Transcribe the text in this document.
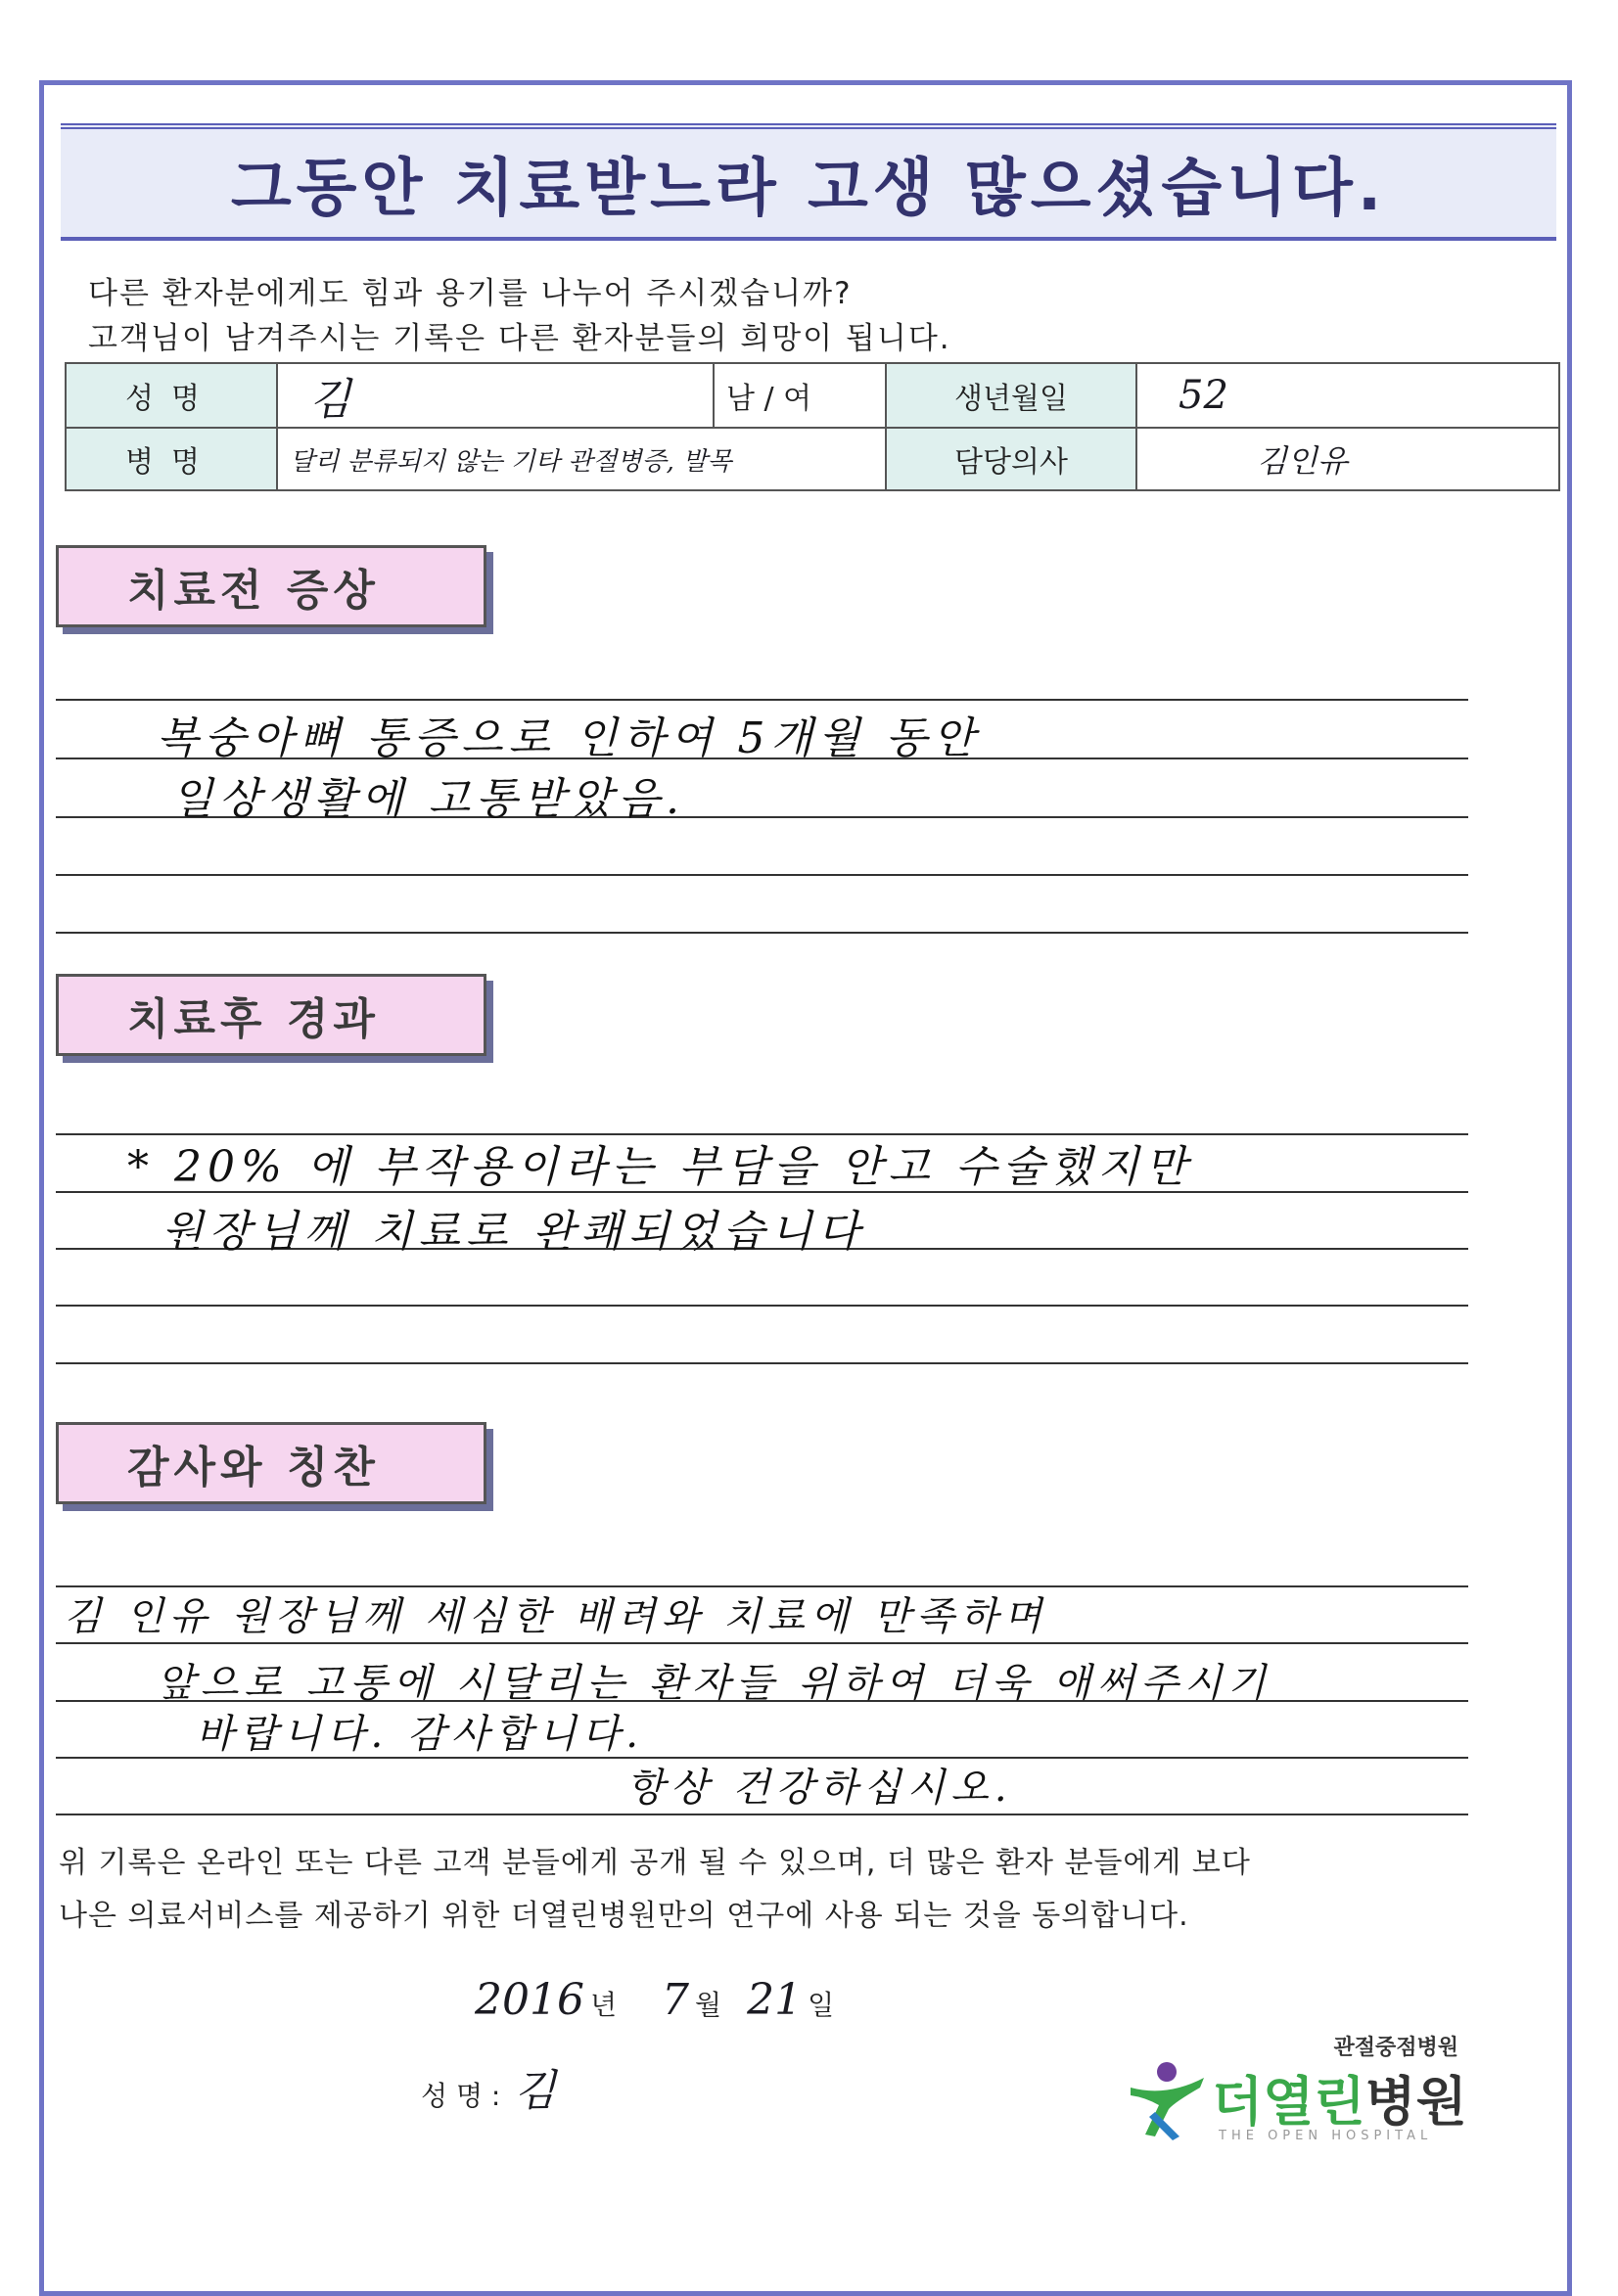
그동안 치료받느라 고생 많으셨습니다.
다른 환자분에게도 힘과 용기를 나누어 주시겠습니까?
고객님이 남겨주시는 기록은 다른 환자분들의 희망이 됩니다.
성명	김	남 / 여	생년월일	52
병명	달리 분류되지 않는 기타 관절병증, 발목		담당의사	김인유
치료전 증상
복숭아뼈 통증으로 인하여 5개월 동안
일상생활에 고통받았음.
치료후 경과
* 20% 에 부작용이라는 부담을 안고 수술했지만
원장님께 치료로 완쾌되었습니다
감사와 칭찬
김 인유 원장님께 세심한 배려와 치료에 만족하며
앞으로 고통에 시달리는 환자들 위하여 더욱 애써주시기
바랍니다. 감사합니다.
항상 건강하십시오.
위 기록은 온라인 또는 다른 고객 분들에게 공개 될 수 있으며, 더 많은 환자 분들에게 보다
나은 의료서비스를 제공하기 위한 더열린병원만의 연구에 사용 되는 것을 동의합니다.
2016 년 7 월 21 일
성 명 : 김
관절중점병원
더열린병원
THE OPEN HOSPITAL
